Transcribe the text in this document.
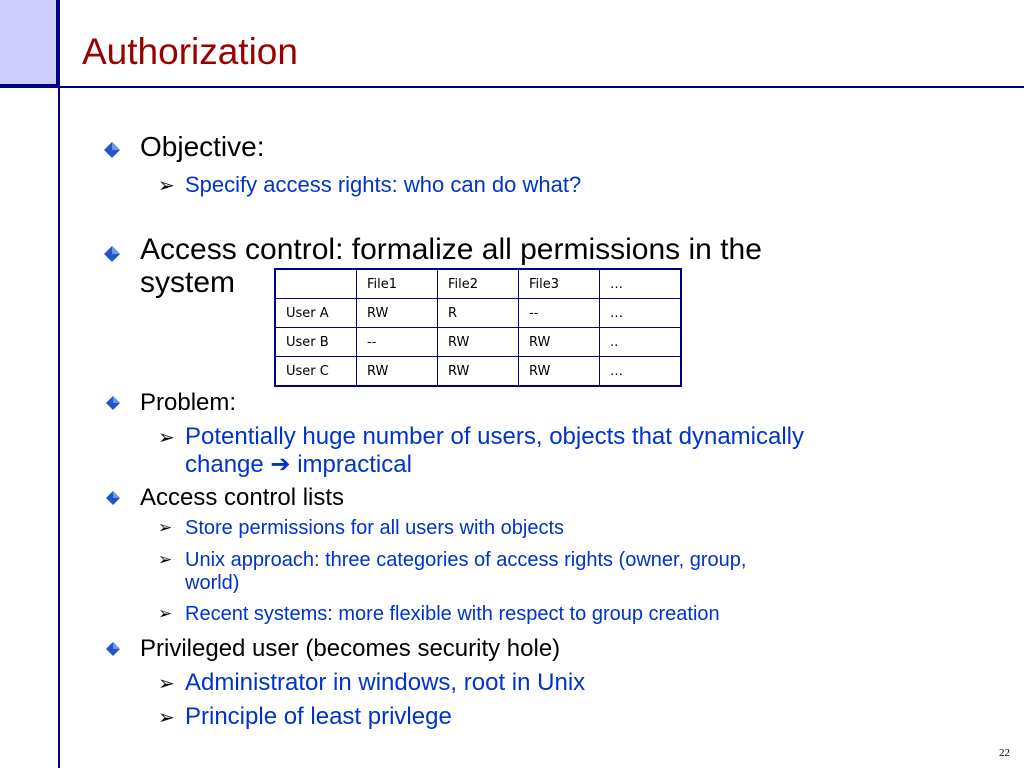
Authorization
Objective:
➢ Specify access rights: who can do what?
Access control: formalize all permissions in the
system
		File1	File2	File3	…
User A	RW	R	--	…
User B	--	RW	RW	..
User C	RW	RW	RW	…
Problem:
➢ Potentially huge number of users, objects that dynamically
change ➔ impractical
Access control lists
➢ Store permissions for all users with objects
➢ Unix approach: three categories of access rights (owner, group,
world)
➢ Recent systems: more flexible with respect to group creation
Privileged user (becomes security hole)
➢ Administrator in windows, root in Unix
➢ Principle of least privlege
22
